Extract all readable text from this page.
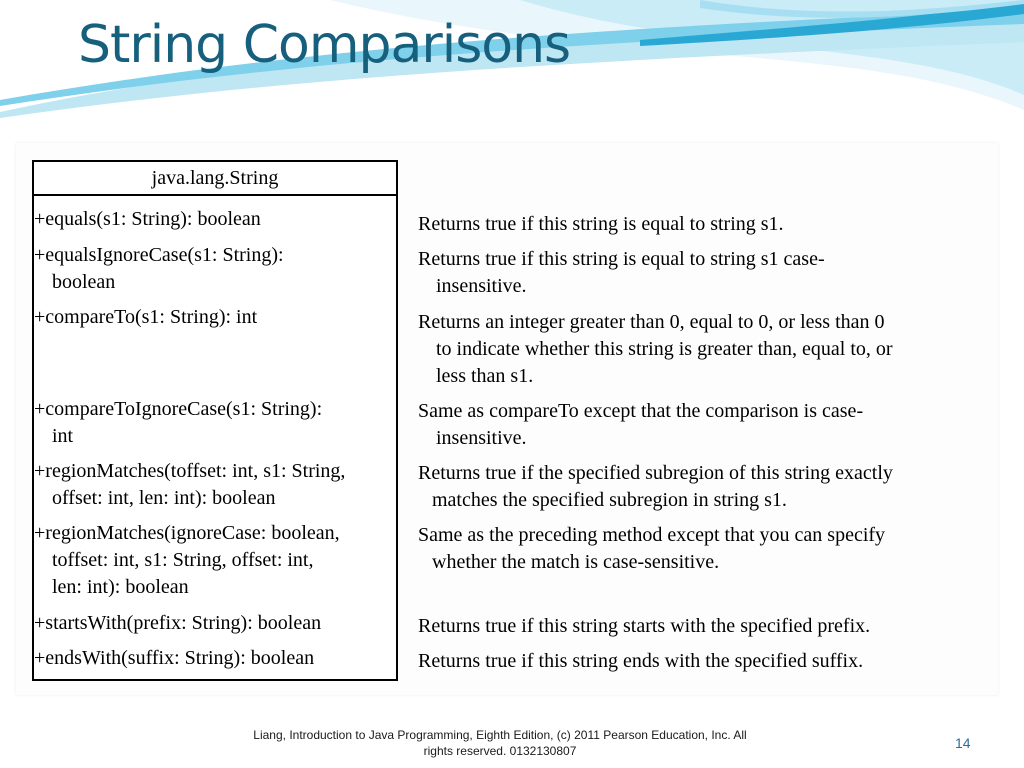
String Comparisons
java.lang.String
+equals(s1: String): boolean
+equalsIgnoreCase(s1: String):
boolean
+compareTo(s1: String): int
+compareToIgnoreCase(s1: String):
int
+regionMatches(toffset: int, s1: String,
offset: int, len: int): boolean
+regionMatches(ignoreCase: boolean,
toffset: int, s1: String, offset: int,
len: int): boolean
+startsWith(prefix: String): boolean
+endsWith(suffix: String): boolean
Returns true if this string is equal to string s1.
Returns true if this string is equal to string s1 case-
insensitive.
Returns an integer greater than 0, equal to 0, or less than 0
to indicate whether this string is greater than, equal to, or
less than s1.
Same as compareTo except that the comparison is case-
insensitive.
Returns true if the specified subregion of this string exactly
matches the specified subregion in string s1.
Same as the preceding method except that you can specify
whether the match is case-sensitive.
Returns true if this string starts with the specified prefix.
Returns true if this string ends with the specified suffix.
Liang, Introduction to Java Programming, Eighth Edition, (c) 2011 Pearson Education, Inc. All
rights reserved. 0132130807	14
